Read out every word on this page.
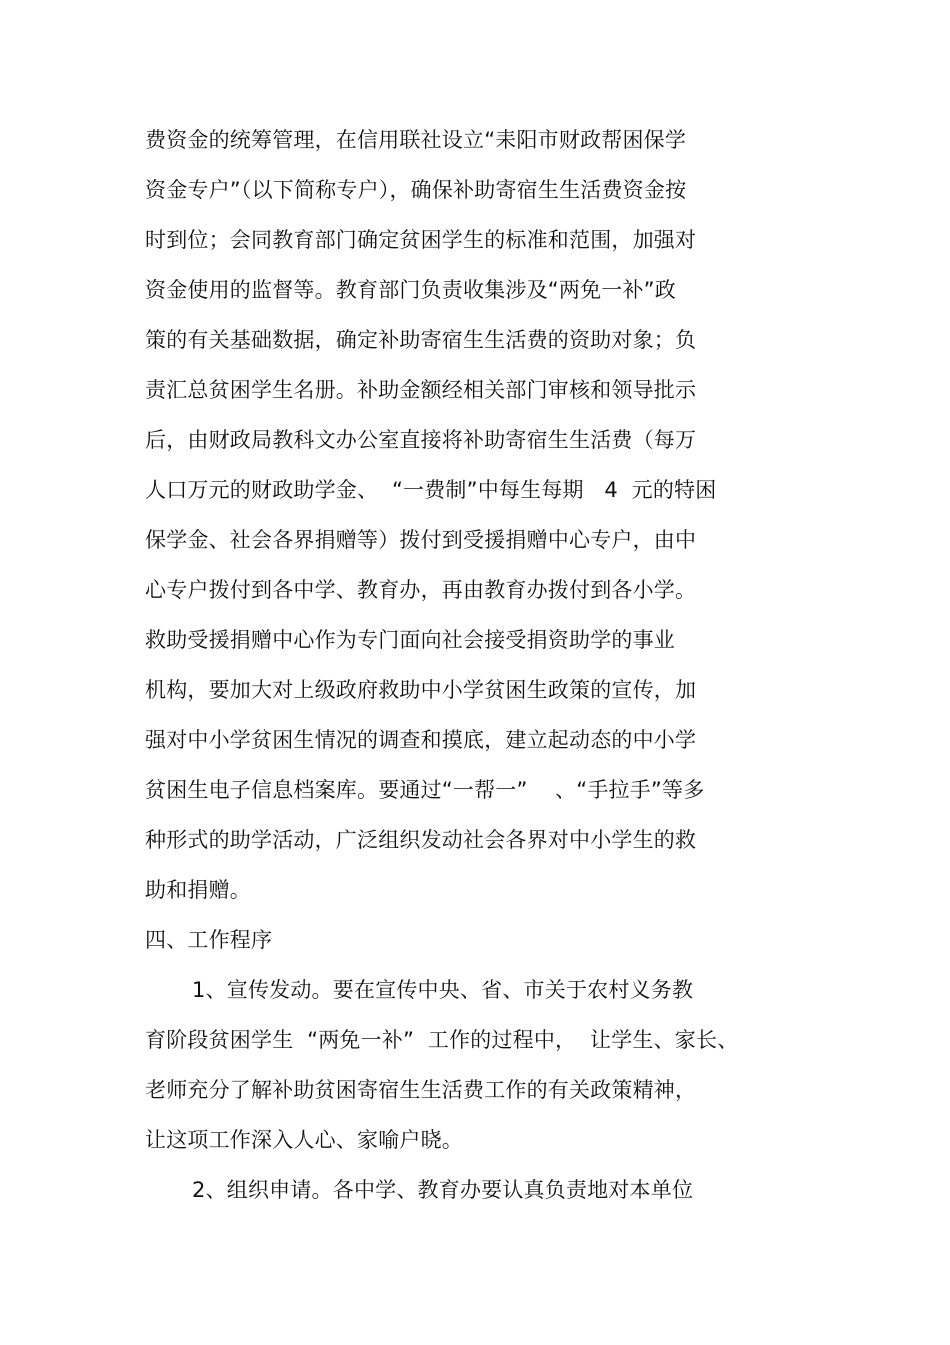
费资金的统筹管理，在信用联社设立“耒阳市财政帮困保学
资金专户”（以下简称专户），确保补助寄宿生生活费资金按
时到位；会同教育部门确定贫困学生的标准和范围，加强对
资金使用的监督等。教育部门负责收集涉及“两免一补”政
策的有关基础数据，确定补助寄宿生生活费的资助对象；负
责汇总贫困学生名册。补助金额经相关部门审核和领导批示
后，由财政局教科文办公室直接将补助寄宿生生活费（每万
人口万元的财政助学金、  “一费制”中每生每期   4  元的特困
保学金、社会各界捐赠等）拨付到受援捐赠中心专户，由中
心专户拨付到各中学、教育办，再由教育办拨付到各小学。
救助受援捐赠中心作为专门面向社会接受捐资助学的事业
机构，要加大对上级政府救助中小学贫困生政策的宣传，加
强对中小学贫困生情况的调查和摸底，建立起动态的中小学
贫困生电子信息档案库。要通过“一帮一”    、“手拉手”等多
种形式的助学活动，广泛组织发动社会各界对中小学生的救
助和捐赠。
四、工作程序
1、宣传发动。要在宣传中央、省、市关于农村义务教
育阶段贫困学生  “两免一补”  工作的过程中，  让学生、家长、
老师充分了解补助贫困寄宿生生活费工作的有关政策精神，
让这项工作深入人心、家喻户晓。
2、组织申请。各中学、教育办要认真负责地对本单位
